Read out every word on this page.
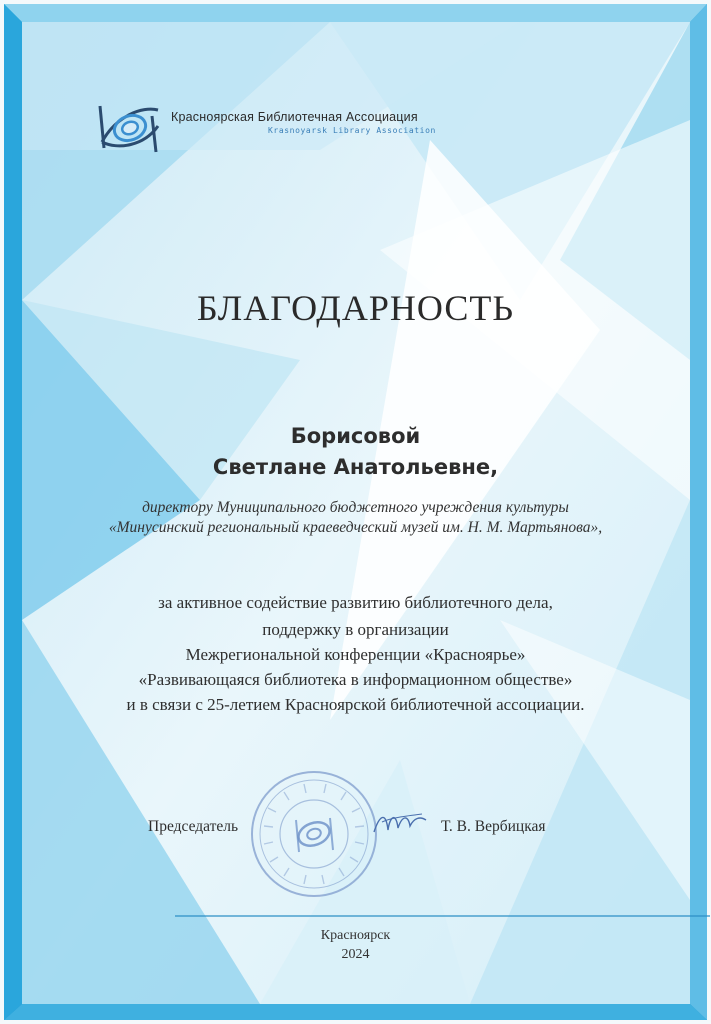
Красноярская Библиотечная Ассоциация
Krasnoyarsk Library Association
БЛАГОДАРНОСТЬ
Борисовой
Светлане Анатольевне,
директору Муниципального бюджетного учреждения культуры
«Минусинский региональный краеведческий музей им. Н. М. Мартьянова»,
за активное содействие развитию библиотечного дела,
поддержку в организации
Межрегиональной конференции «Красноярье»
«Развивающаяся библиотека в информационном обществе»
и в связи с 25-летием Красноярской библиотечной ассоциации.
Председатель	Т. В. Вербицкая
Красноярск
2024
